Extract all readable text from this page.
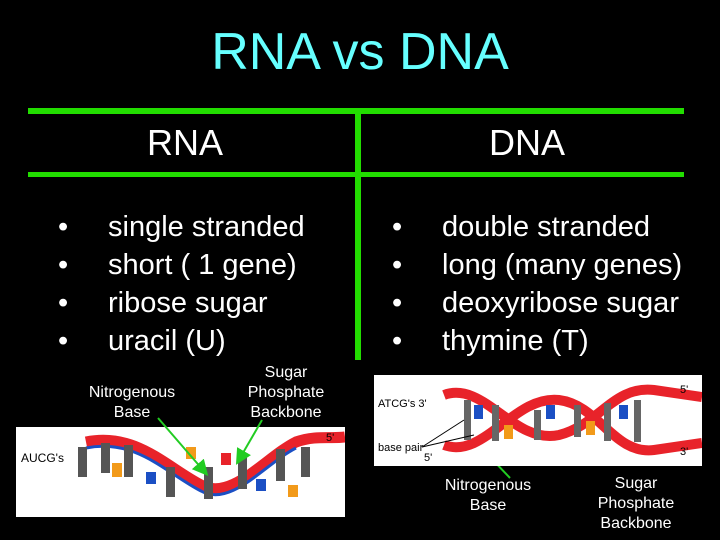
RNA vs DNA
RNA	DNA
• single stranded
• short ( 1 gene)
• ribose sugar
• uracil (U)
• double stranded
• long (many genes)
• deoxyribose sugar
• thymine (T)
Nitrogenous Base
Sugar Phosphate Backbone
AUCG's
5'
ATCG's 3'
5'
3'
base pair
5'
Nitrogenous Base
Sugar Phosphate Backbone
